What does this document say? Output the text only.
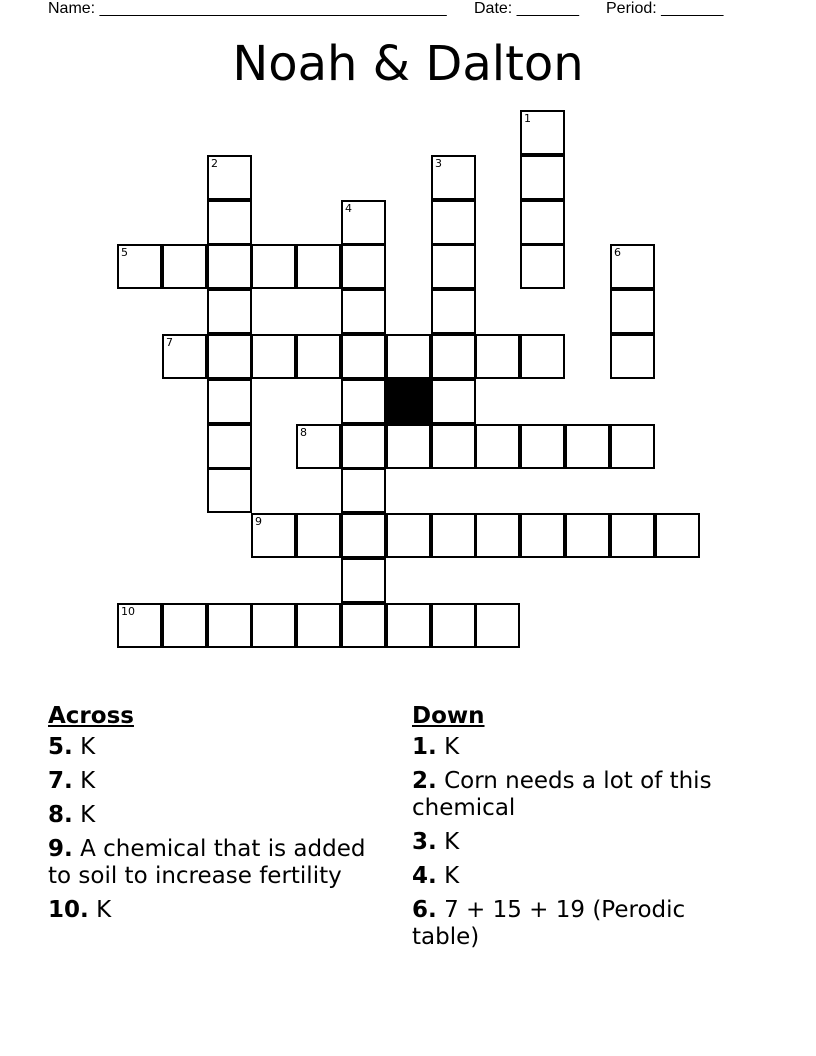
Name: _______________________________________ Date: _______ Period: _______
Noah & Dalton
1
2	3
4
5	6
7
8
9
10
Across
5. K
7. K
8. K
9. A chemical that is added to soil to increase fertility
10. K
Down
1. K
2. Corn needs a lot of this chemical
3. K
4. K
6. 7 + 15 + 19 (Perodic table)
